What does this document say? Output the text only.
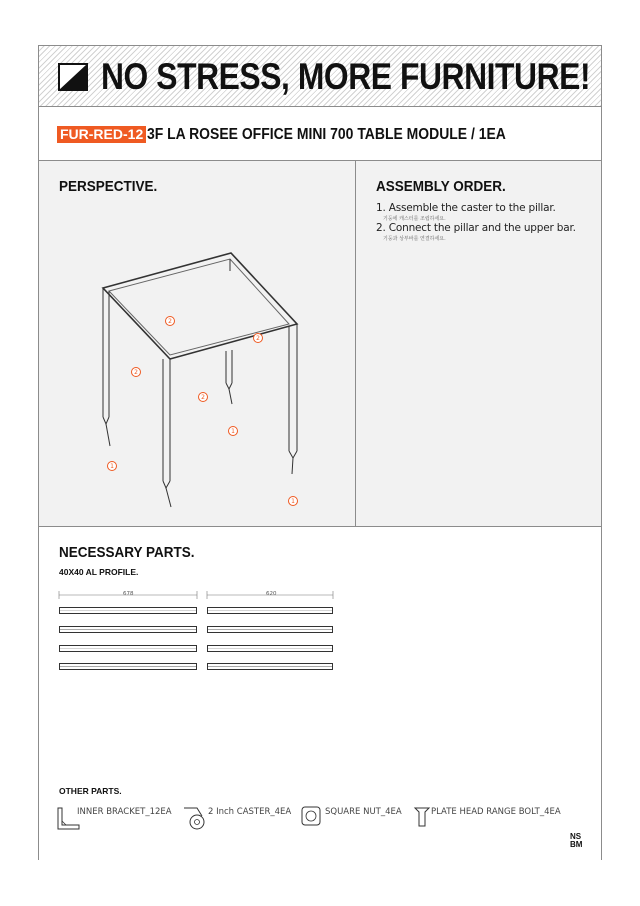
NO STRESS, MORE FURNITURE!
FUR-RED-12 3F LA ROSEE OFFICE MINI 700 TABLE MODULE / 1EA
PERSPECTIVE.
2
2
2
2
1
1
1
ASSEMBLY ORDER.
1. Assemble the caster to the pillar.
기둥에 캐스터를 조립하세요.
2. Connect the pillar and the upper bar.
기둥과 상부바를 연결하세요.
NECESSARY PARTS.
40X40 AL PROFILE.
678	620
OTHER PARTS.
INNER BRACKET_12EA	2 Inch CASTER_4EA	SQUARE NUT_4EA	PLATE HEAD RANGE BOLT_4EA
NS
BM
